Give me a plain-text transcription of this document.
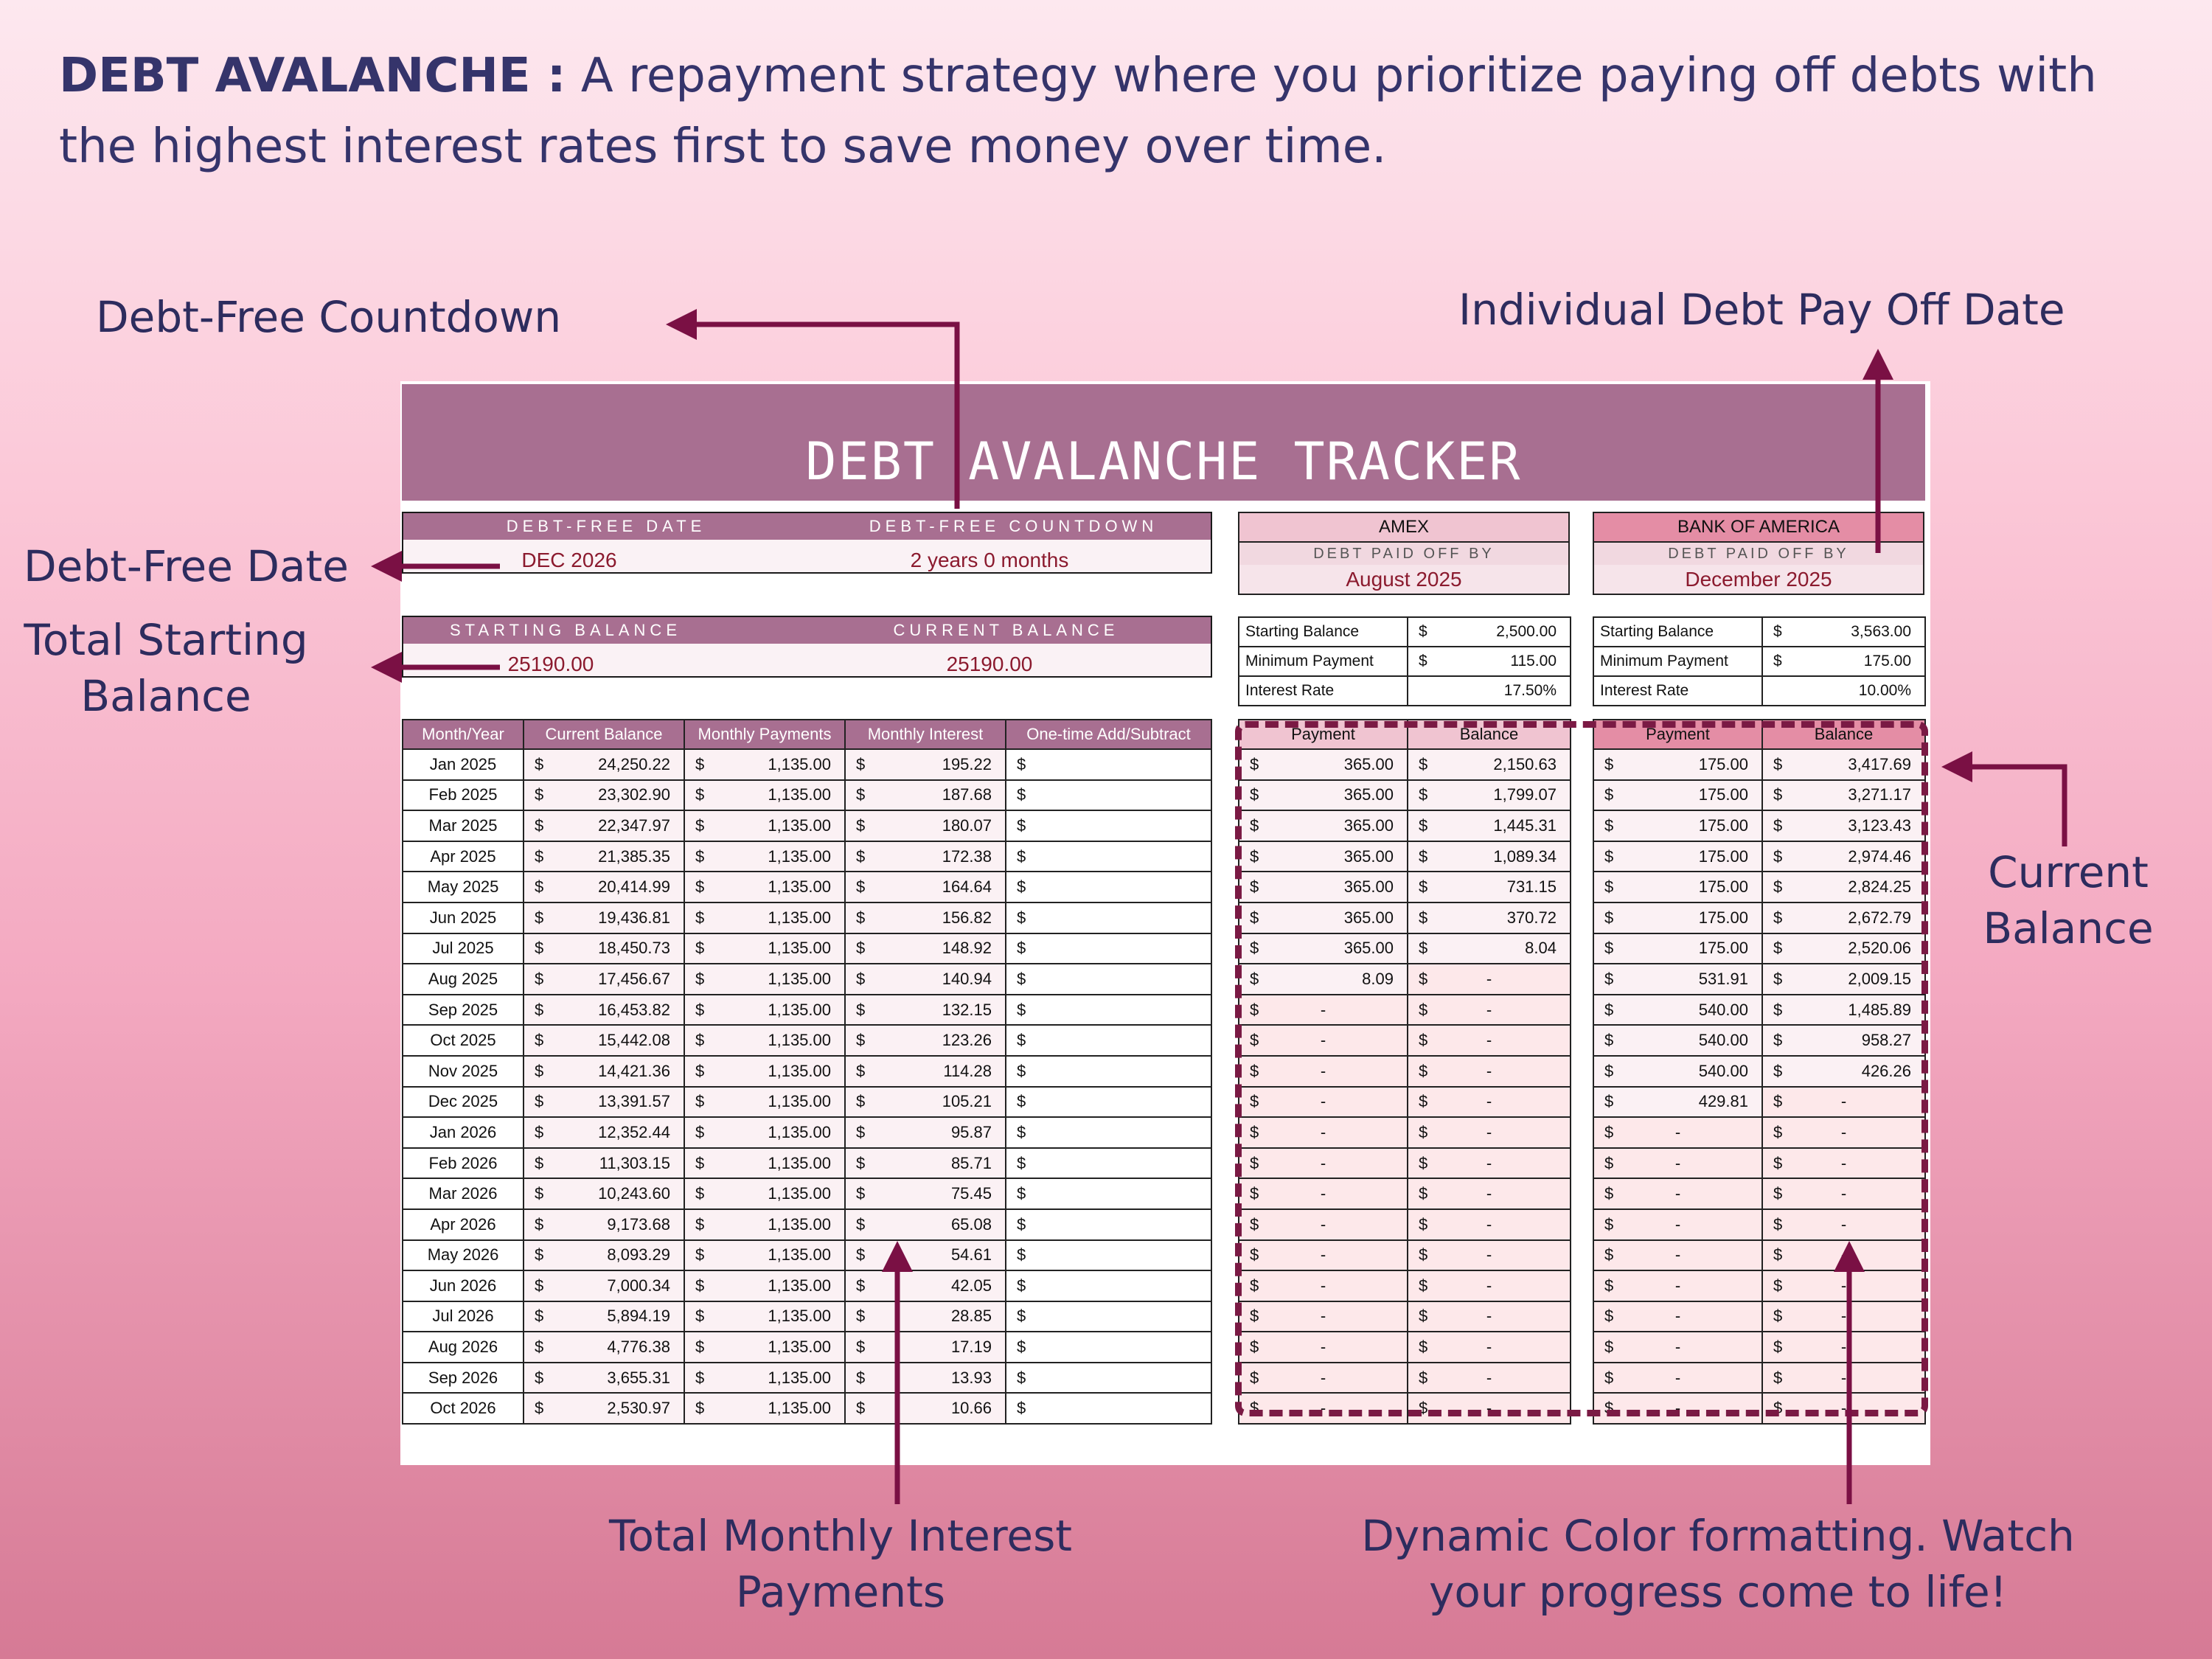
DEBT AVALANCHE : A repayment strategy where you prioritize paying off debts with the highest interest rates first to save money over time.
Debt-Free Countdown	Individual Debt Pay Off Date
Debt-Free Date
Total Starting Balance
Current Balance
Total Monthly Interest Payments
Dynamic Color formatting. Watch your progress come to life!
DEBT AVALANCHE TRACKER
DEBT-FREE DATE	DEBT-FREE COUNTDOWN
DEC 2026	2 years 0 months
STARTING BALANCE	CURRENT BALANCE
25190.00	25190.00
Month/Year	Current Balance	Monthly Payments	Monthly Interest	One-time Add/Subtract
Jan 2025	$ 24,250.22	$ 1,135.00	$ 195.22	$

Feb 2025	$ 23,302.90	$ 1,135.00	$ 187.68	$

Mar 2025	$ 22,347.97	$ 1,135.00	$ 180.07	$

Apr 2025	$ 21,385.35	$ 1,135.00	$ 172.38	$

May 2025	$ 20,414.99	$ 1,135.00	$ 164.64	$

Jun 2025	$ 19,436.81	$ 1,135.00	$ 156.82	$

Jul 2025	$ 18,450.73	$ 1,135.00	$ 148.92	$

Aug 2025	$ 17,456.67	$ 1,135.00	$ 140.94	$

Sep 2025	$ 16,453.82	$ 1,135.00	$ 132.15	$

Oct 2025	$ 15,442.08	$ 1,135.00	$ 123.26	$

Nov 2025	$ 14,421.36	$ 1,135.00	$ 114.28	$

Dec 2025	$ 13,391.57	$ 1,135.00	$ 105.21	$

Jan 2026	$ 12,352.44	$ 1,135.00	$ 95.87	$

Feb 2026	$ 11,303.15	$ 1,135.00	$ 85.71	$

Mar 2026	$ 10,243.60	$ 1,135.00	$ 75.45	$

Apr 2026	$ 9,173.68	$ 1,135.00	$ 65.08	$

May 2026	$ 8,093.29	$ 1,135.00	$ 54.61	$

Jun 2026	$ 7,000.34	$ 1,135.00	$ 42.05	$

Jul 2026	$ 5,894.19	$ 1,135.00	$ 28.85	$

Aug 2026	$ 4,776.38	$ 1,135.00	$ 17.19	$

Sep 2026	$ 3,655.31	$ 1,135.00	$ 13.93	$

Oct 2026	$ 2,530.97	$ 1,135.00	$ 10.66	$

AMEX
DEBT PAID OFF BY
August 2025
Starting Balance	$ 2,500.00

Minimum Payment	$ 115.00

Interest Rate	17.50%
BANK OF AMERICA
DEBT PAID OFF BY
December 2025
Starting Balance	$ 3,563.00

Minimum Payment	$ 175.00

Interest Rate	10.00%
Payment	Balance

$ 365.00	$ 2,150.63

$ 365.00	$ 1,799.07

$ 365.00	$ 1,445.31

$ 365.00	$ 1,089.34

$ 365.00	$ 731.15

$ 365.00	$ 370.72

$ 365.00	$ 8.04

$ 8.09	$ -

$ -	$ -

$ -	$ -

$ -	$ -

$ -	$ -

$ -	$ -

$ -	$ -

$ -	$ -

$ -	$ -

$ -	$ -

$ -	$ -

$ -	$ -

$ -	$ -

$ -	$ -

$ -	$ -
Payment	Balance

$ 175.00	$ 3,417.69

$ 175.00	$ 3,271.17

$ 175.00	$ 3,123.43

$ 175.00	$ 2,974.46

$ 175.00	$ 2,824.25

$ 175.00	$ 2,672.79

$ 175.00	$ 2,520.06

$ 531.91	$ 2,009.15

$ 540.00	$ 1,485.89

$ 540.00	$ 958.27

$ 540.00	$ 426.26

$ 429.81	$ -

$ -	$ -

$ -	$ -

$ -	$ -

$ -	$ -

$ -	$ -

$ -	$ -

$ -	$ -

$ -	$ -

$ -	$ -

$ -	$ -
